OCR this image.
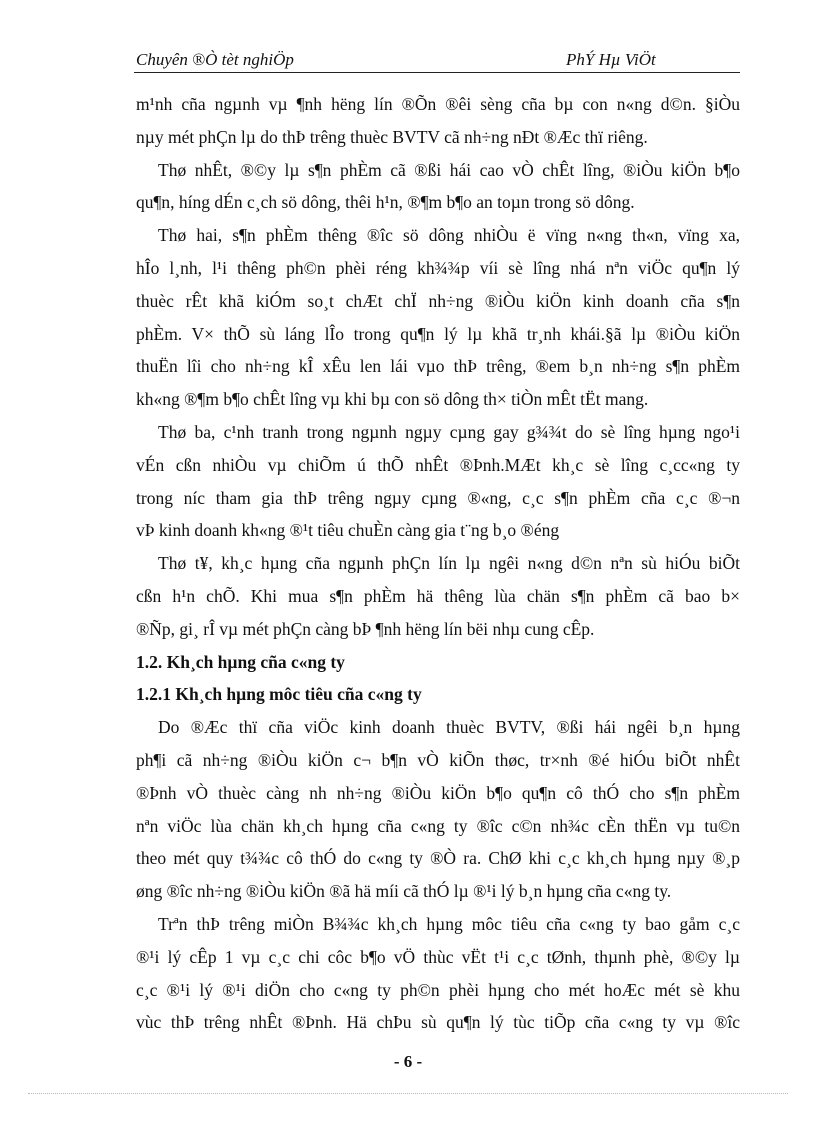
Chuyên ®Ò tèt nghiÖp	PhÝ Hµ ViÖt
m¹nh cña ngµnh vµ ¶nh hëng lín ®Õn ®êi sèng cña bµ con n«ng d©n. §iÒu
nµy mét phÇn lµ do thÞ trêng thuèc BVTV cã nh÷ng nÐt ®Æc thï riêng.
Thø nhÊt, ®©y lµ s¶n phÈm cã ®ßi hái cao vÒ chÊt lîng, ®iÒu kiÖn b¶o
qu¶n, híng dÉn c¸ch sö dông, thêi h¹n, ®¶m b¶o an toµn trong sö dông.
Thø hai, s¶n phÈm thêng ®îc sö dông nhiÒu ë vïng n«ng th«n, vïng xa,
hÎo l¸nh, l¹i thêng ph©n phèi réng kh¾¾p víi sè lîng nhá nªn viÖc qu¶n lý
thuèc rÊt khã kiÓm so¸t chÆt chÏ nh÷ng ®iÒu kiÖn kinh doanh cña s¶n
phÈm. V× thÕ sù láng lÎo trong qu¶n lý lµ khã tr¸nh khái.§ã lµ ®iÒu kiÖn
thuËn lîi cho nh÷ng kÎ xÊu len lái vµo thÞ trêng, ®em b¸n nh÷ng s¶n phÈm
kh«ng ®¶m b¶o chÊt lîng vµ khi bµ con sö dông th× tiÒn mÊt tËt mang.
Thø ba, c¹nh tranh trong ngµnh ngµy cµng gay g¾¾t do sè lîng hµng ngo¹i
vÉn cßn nhiÒu vµ chiÕm ú thÕ nhÊt ®Þnh.MÆt kh¸c sè lîng c¸cc«ng ty
trong níc tham gia thÞ trêng ngµy cµng ®«ng, c¸c s¶n phÈm cña c¸c ®¬n
vÞ kinh doanh kh«ng ®¹t tiêu chuÈn càng gia t¨ng b¸o ®éng
Thø t¥, kh¸c hµng cña ngµnh phÇn lín lµ ngêi n«ng d©n nªn sù hiÓu biÕt
cßn h¹n chÕ. Khi mua s¶n phÈm hä thêng lùa chän s¶n phÈm cã bao b×
®Ñp, gi¸ rÎ vµ mét phÇn càng bÞ ¶nh hëng lín bëi nhµ cung cÊp.
1.2. Kh¸ch hµng cña c«ng ty
1.2.1 Kh¸ch hµng môc tiêu cña c«ng ty
Do ®Æc thï cña viÖc kinh doanh thuèc BVTV, ®ßi hái ngêi b¸n hµng
ph¶i cã nh÷ng ®iÒu kiÖn c¬ b¶n vÒ kiÕn thøc, tr×nh ®é hiÓu biÕt nhÊt
®Þnh vÒ thuèc càng nh nh÷ng ®iÒu kiÖn b¶o qu¶n cô thÓ cho s¶n phÈm
nªn viÖc lùa chän kh¸ch hµng cña c«ng ty ®îc c©n nh¾c cÈn thËn vµ tu©n
theo mét quy t¾¾c cô thÓ do c«ng ty ®Ò ra. ChØ khi c¸c kh¸ch hµng nµy ®¸p
øng ®îc nh÷ng ®iÒu kiÖn ®ã hä míi cã thÓ lµ ®¹i lý b¸n hµng cña c«ng ty.
Trªn thÞ trêng miÒn B¾¾c kh¸ch hµng môc tiêu cña c«ng ty bao gåm c¸c
®¹i lý cÊp 1 vµ c¸c chi côc b¶o vÖ thùc vËt t¹i c¸c tØnh, thµnh phè, ®©y lµ
c¸c ®¹i lý ®¹i diÖn cho c«ng ty ph©n phèi hµng cho mét hoÆc mét sè khu
vùc thÞ trêng nhÊt ®Þnh. Hä chÞu sù qu¶n lý tùc tiÕp cña c«ng ty vµ ®îc
- 6 -
